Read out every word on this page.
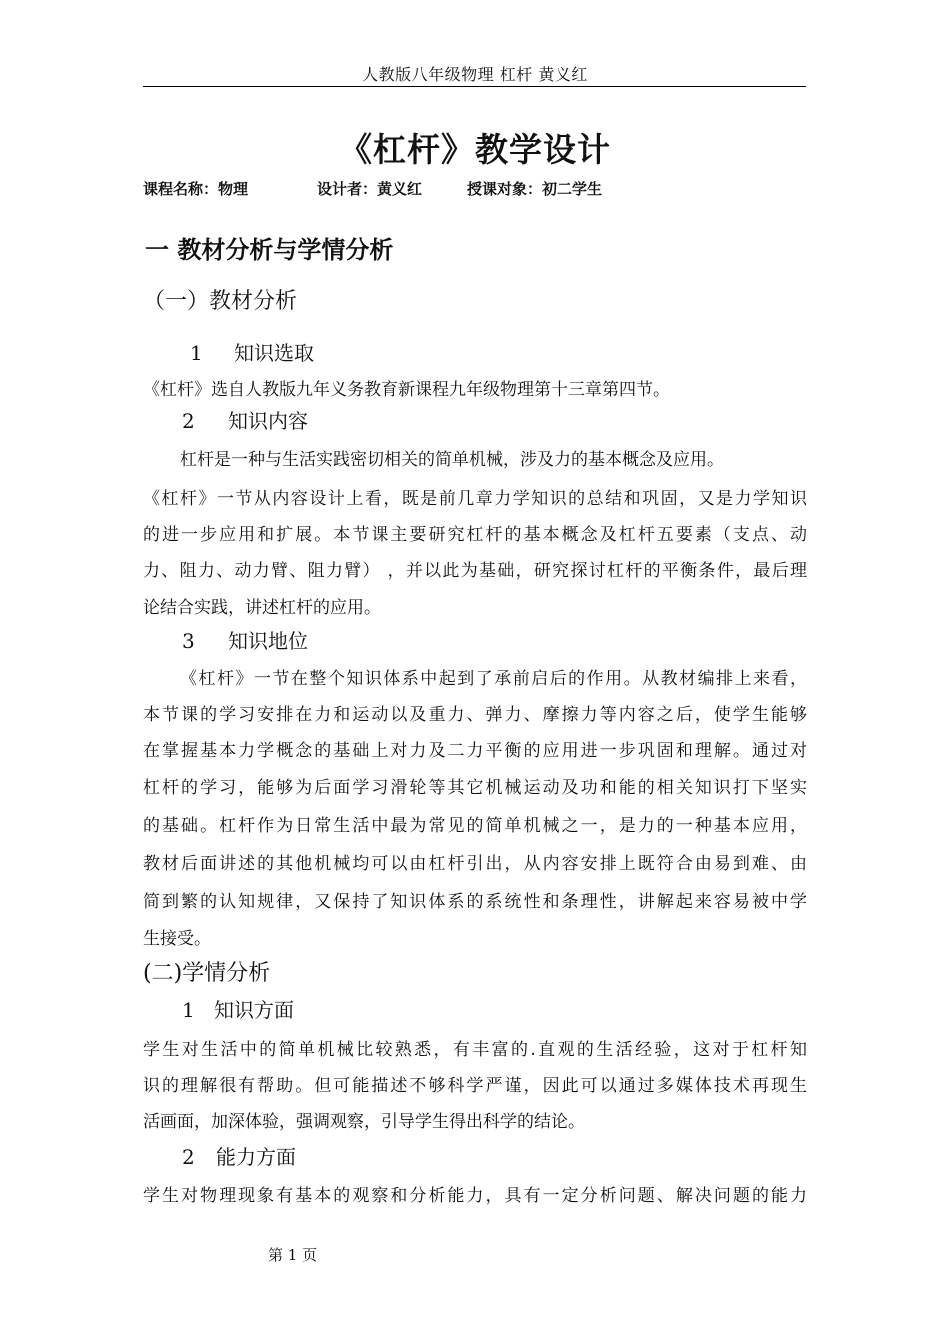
人教版八年级物理 杠杆 黄义红
《杠杆》教学设计
课程名称：物理	设计者：黄义红	授课对象：初二学生
一 教材分析与学情分析
（一）教材分析
1 知识选取
《杠杆》选自人教版九年义务教育新课程九年级物理第十三章第四节。
2 知识内容
杠杆是一种与生活实践密切相关的简单机械，涉及力的基本概念及应用。
《杠杆》一节从内容设计上看，既是前几章力学知识的总结和巩固，又是力学知识
的进一步应用和扩展。本节课主要研究杠杆的基本概念及杠杆五要素（支点、动
力、阻力、动力臂、阻力臂） ，并以此为基础，研究探讨杠杆的平衡条件，最后理
论结合实践，讲述杠杆的应用。
3 知识地位
《杠杆》一节在整个知识体系中起到了承前启后的作用。从教材编排上来看，
本节课的学习安排在力和运动以及重力、弹力、摩擦力等内容之后，使学生能够
在掌握基本力学概念的基础上对力及二力平衡的应用进一步巩固和理解。通过对
杠杆的学习，能够为后面学习滑轮等其它机械运动及功和能的相关知识打下坚实
的基础。杠杆作为日常生活中最为常见的简单机械之一，是力的一种基本应用，
教材后面讲述的其他机械均可以由杠杆引出，从内容安排上既符合由易到难、由
简到繁的认知规律，又保持了知识体系的系统性和条理性，讲解起来容易被中学
生接受。
(二)学情分析
1 知识方面
学生对生活中的简单机械比较熟悉，有丰富的.直观的生活经验，这对于杠杆知
识的理解很有帮助。但可能描述不够科学严谨，因此可以通过多媒体技术再现生
活画面，加深体验，强调观察，引导学生得出科学的结论。
2 能力方面
学生对物理现象有基本的观察和分析能力，具有一定分析问题、解决问题的能力
第 1 页
